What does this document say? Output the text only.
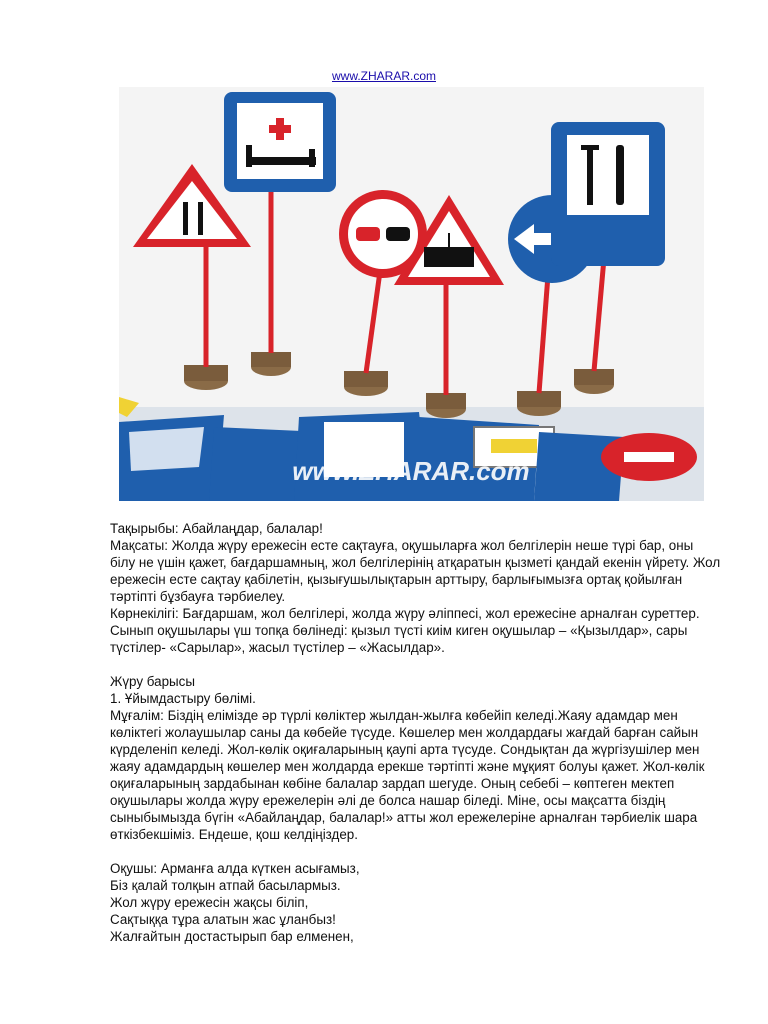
www.ZHARAR.com
www.ZHARAR.com

Тақырыбы: Абайлаңдар, балалар!

Мақсаты: Жолда жүру ережесін есте сақтауға, оқушыларға жол белгілерін неше түрі бар, оны білу не үшін қажет, бағдаршамның, жол белгілерінің атқаратын қызметі қандай екенін үйрету. Жол ережесін есте сақтау қабілетін, қызығушылықтарын арттыру, барлығымызға ортақ қойылған тәртіпті бұзбауға тәрбиелеу.

Көрнекілігі: Бағдаршам, жол белгілері, жолда жүру әліппесі, жол ережесіне арналған суреттер. Сынып оқушылары үш топқа бөлінеді: қызыл түсті киім киген оқушылар – «Қызылдар», сары түстілер- «Сарылар», жасыл түстілер – «Жасылдар».

Жүру барысы

1. Ұйымдастыру бөлімі.

Мұғалім: Біздің елімізде әр түрлі көліктер жылдан-жылға көбейіп келеді.Жаяу адамдар мен көліктегі жолаушылар саны да көбейе түсуде. Көшелер мен жолдардағы жағдай барған сайын күрделеніп келеді. Жол-көлік оқиғаларының қаупі арта түсуде. Сондықтан да жүргізушілер мен жаяу адамдардың көшелер мен жолдарда ерекше тәртіпті және мұқият болуы қажет. Жол-көлік оқиғаларының зардабынан көбіне балалар зардап шегуде. Оның себебі – көптеген мектеп оқушылары жолда жүру ережелерін әлі де болса нашар біледі. Міне, осы мақсатта біздің сыныбымызда бүгін «Абайлаңдар, балалар!» атты жол ережелеріне арналған тәрбиелік шара өткізбекшіміз. Ендеше, қош келдіңіздер.

Оқушы: Арманға алда күткен асығамыз,

Біз қалай толқын атпай басылармыз.

Жол жүру ережесін жақсы біліп,

Сақтыққа тұра алатын жас ұланбыз!

Жалғайтын достастырып бар елменен,
